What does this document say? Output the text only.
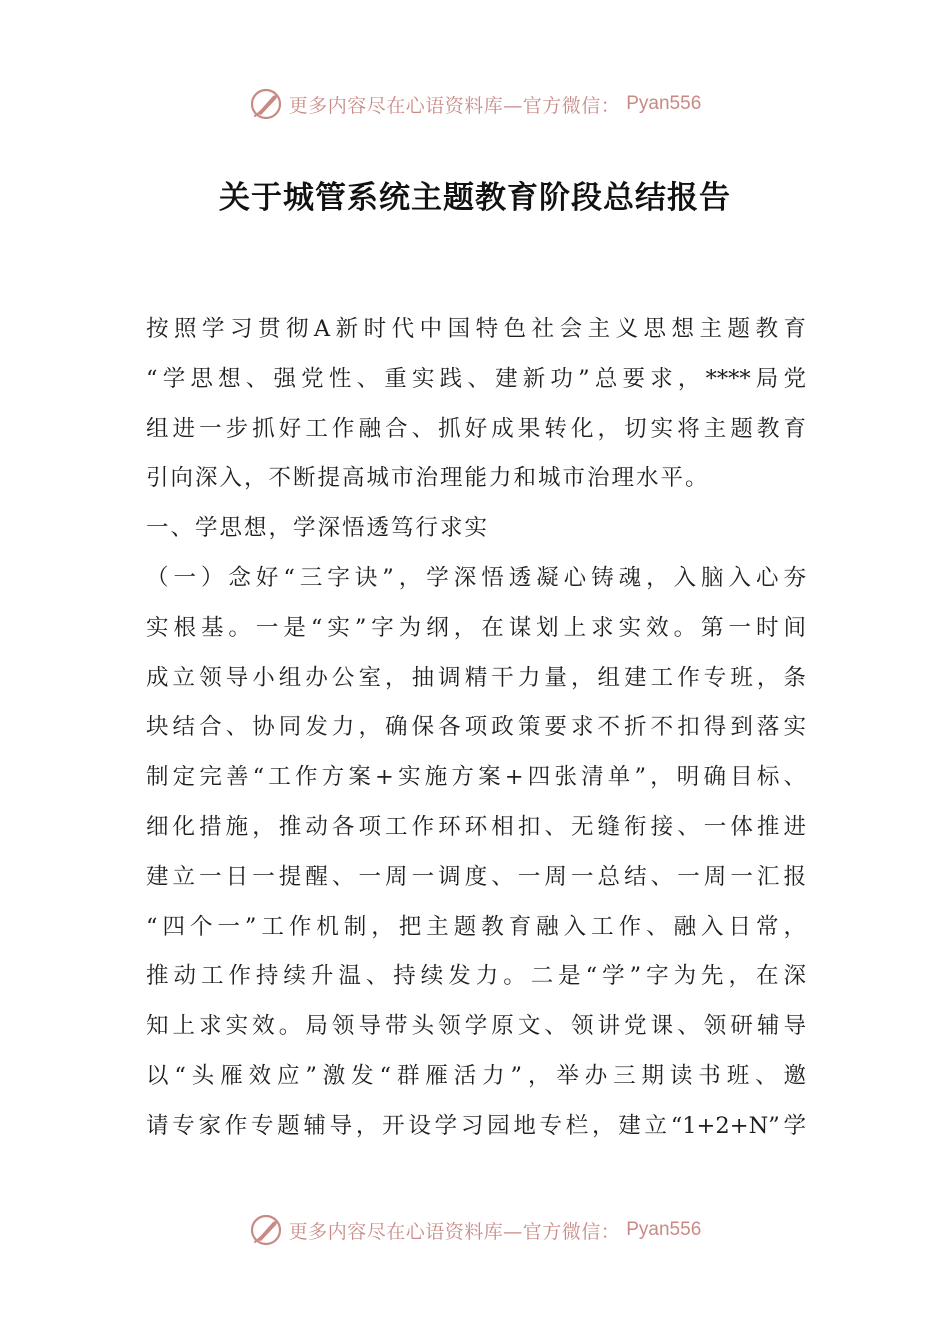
更多内容尽在心语资料库—官方微信： Pyan556
关于城管系统主题教育阶段总结报告
按照学习贯彻A新时代中国特色社会主义思想主题教育
“学思想、强党性、重实践、建新功”总要求，****局党
组进一步抓好工作融合、抓好成果转化，切实将主题教育
引向深入，不断提高城市治理能力和城市治理水平。
一、学思想，学深悟透笃行求实
（一）念好“三字诀”，学深悟透凝心铸魂，入脑入心夯
实根基。一是“实”字为纲，在谋划上求实效。第一时间
成立领导小组办公室，抽调精干力量，组建工作专班，条
块结合、协同发力，确保各项政策要求不折不扣得到落实
制定完善“工作方案+实施方案+四张清单”，明确目标、
细化措施，推动各项工作环环相扣、无缝衔接、一体推进
建立一日一提醒、一周一调度、一周一总结、一周一汇报
“四个一”工作机制，把主题教育融入工作、融入日常，
推动工作持续升温、持续发力。二是“学”字为先，在深
知上求实效。局领导带头领学原文、领讲党课、领研辅导
以“头雁效应”激发“群雁活力”，举办三期读书班、邀
请专家作专题辅导，开设学习园地专栏，建立“1+2+N”学
更多内容尽在心语资料库—官方微信： Pyan556
